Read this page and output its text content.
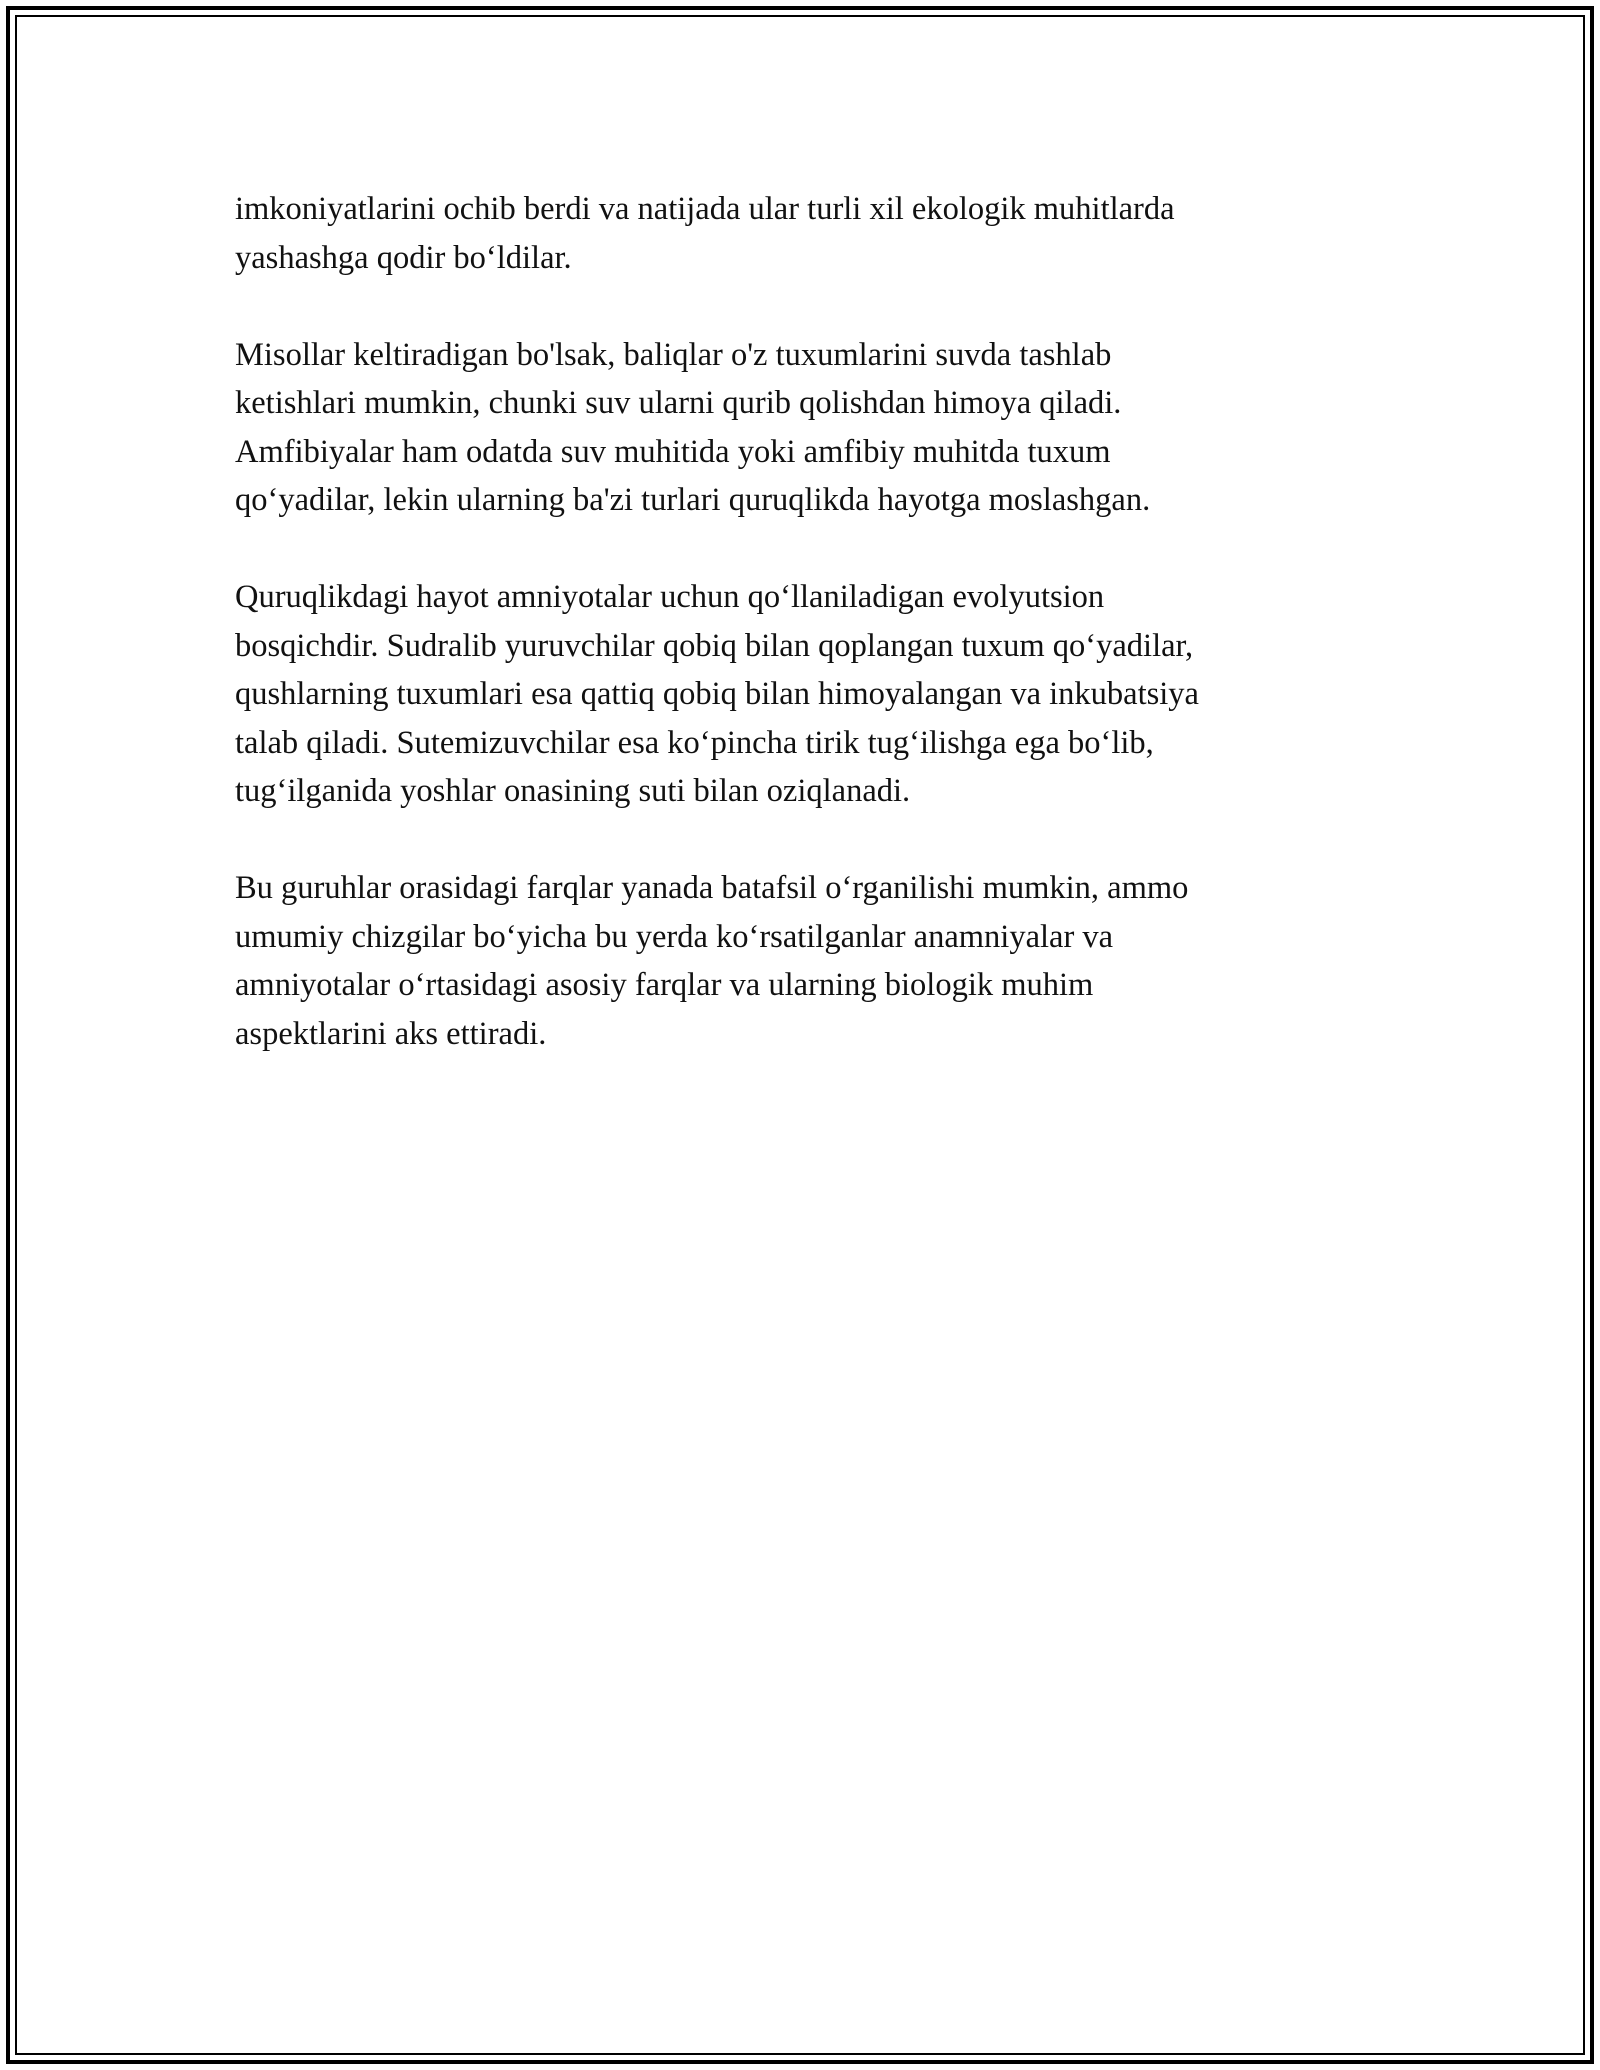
imkoniyatlarini ochib berdi va natijada ular turli xil ekologik muhitlarda
yashashga qodir bo‘ldilar.

Misollar keltiradigan bo'lsak, baliqlar o'z tuxumlarini suvda tashlab
ketishlari mumkin, chunki suv ularni qurib qolishdan himoya qiladi.
Amfibiyalar ham odatda suv muhitida yoki amfibiy muhitda tuxum
qo‘yadilar, lekin ularning ba'zi turlari quruqlikda hayotga moslashgan.

Quruqlikdagi hayot amniyotalar uchun qo‘llaniladigan evolyutsion
bosqichdir. Sudralib yuruvchilar qobiq bilan qoplangan tuxum qo‘yadilar,
qushlarning tuxumlari esa qattiq qobiq bilan himoyalangan va inkubatsiya
talab qiladi. Sutemizuvchilar esa ko‘pincha tirik tug‘ilishga ega bo‘lib,
tug‘ilganida yoshlar onasining suti bilan oziqlanadi.

Bu guruhlar orasidagi farqlar yanada batafsil o‘rganilishi mumkin, ammo
umumiy chizgilar bo‘yicha bu yerda ko‘rsatilganlar anamniyalar va
amniyotalar o‘rtasidagi asosiy farqlar va ularning biologik muhim
aspektlarini aks ettiradi.
